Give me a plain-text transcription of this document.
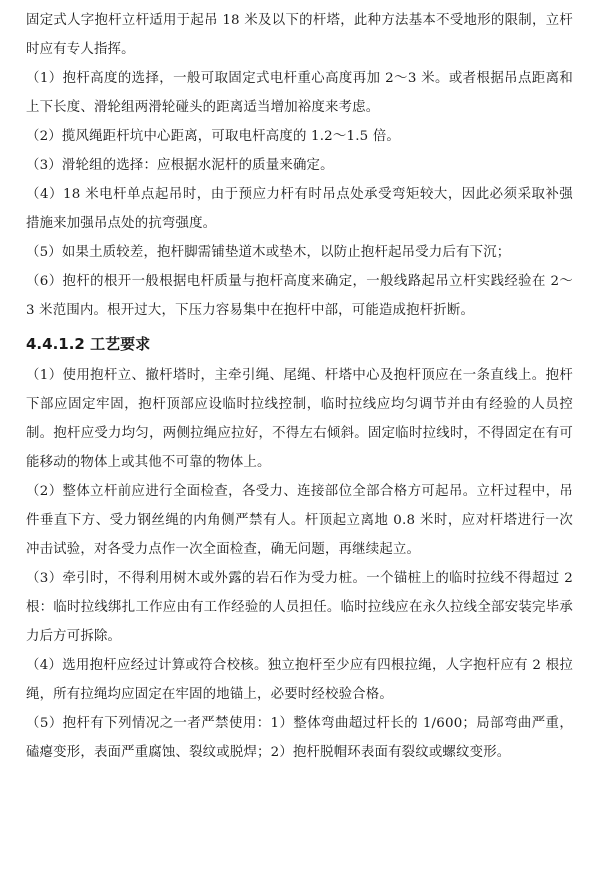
固定式人字抱杆立杆适用于起吊 18 米及以下的杆塔，此种方法基本不受地形的限制，立杆时应有专人指挥。

（1）抱杆高度的选择，一般可取固定式电杆重心高度再加 2～3 米。或者根据吊点距离和上下长度、滑轮组两滑轮碰头的距离适当增加裕度来考虑。

（2）揽风绳距杆坑中心距离，可取电杆高度的 1.2～1.5 倍。

（3）滑轮组的选择：应根据水泥杆的质量来确定。

（4）18 米电杆单点起吊时，由于预应力杆有时吊点处承受弯矩较大，因此必须采取补强措施来加强吊点处的抗弯强度。

（5）如果土质较差，抱杆脚需铺垫道木或垫木，以防止抱杆起吊受力后有下沉；

（6）抱杆的根开一般根据电杆质量与抱杆高度来确定，一般线路起吊立杆实践经验在 2～3 米范围内。根开过大，下压力容易集中在抱杆中部，可能造成抱杆折断。

4.4.1.2 工艺要求

（1）使用抱杆立、撤杆塔时，主牵引绳、尾绳、杆塔中心及抱杆顶应在一条直线上。抱杆下部应固定牢固，抱杆顶部应设临时拉线控制，临时拉线应均匀调节并由有经验的人员控制。抱杆应受力均匀，两侧拉绳应拉好，不得左右倾斜。固定临时拉线时，不得固定在有可能移动的物体上或其他不可靠的物体上。

（2）整体立杆前应进行全面检查，各受力、连接部位全部合格方可起吊。立杆过程中，吊件垂直下方、受力钢丝绳的内角侧严禁有人。杆顶起立离地 0.8 米时，应对杆塔进行一次冲击试验，对各受力点作一次全面检查，确无问题，再继续起立。

（3）牵引时，不得利用树木或外露的岩石作为受力桩。一个锚桩上的临时拉线不得超过 2 根：临时拉线绑扎工作应由有工作经验的人员担任。临时拉线应在永久拉线全部安装完毕承力后方可拆除。

（4）选用抱杆应经过计算或符合校核。独立抱杆至少应有四根拉绳，人字抱杆应有 2 根拉绳，所有拉绳均应固定在牢固的地锚上，必要时经校验合格。

（5）抱杆有下列情况之一者严禁使用：1）整体弯曲超过杆长的 1/600；局部弯曲严重，磕瘪变形，表面严重腐蚀、裂纹或脱焊；2）抱杆脱帽环表面有裂纹或螺纹变形。
